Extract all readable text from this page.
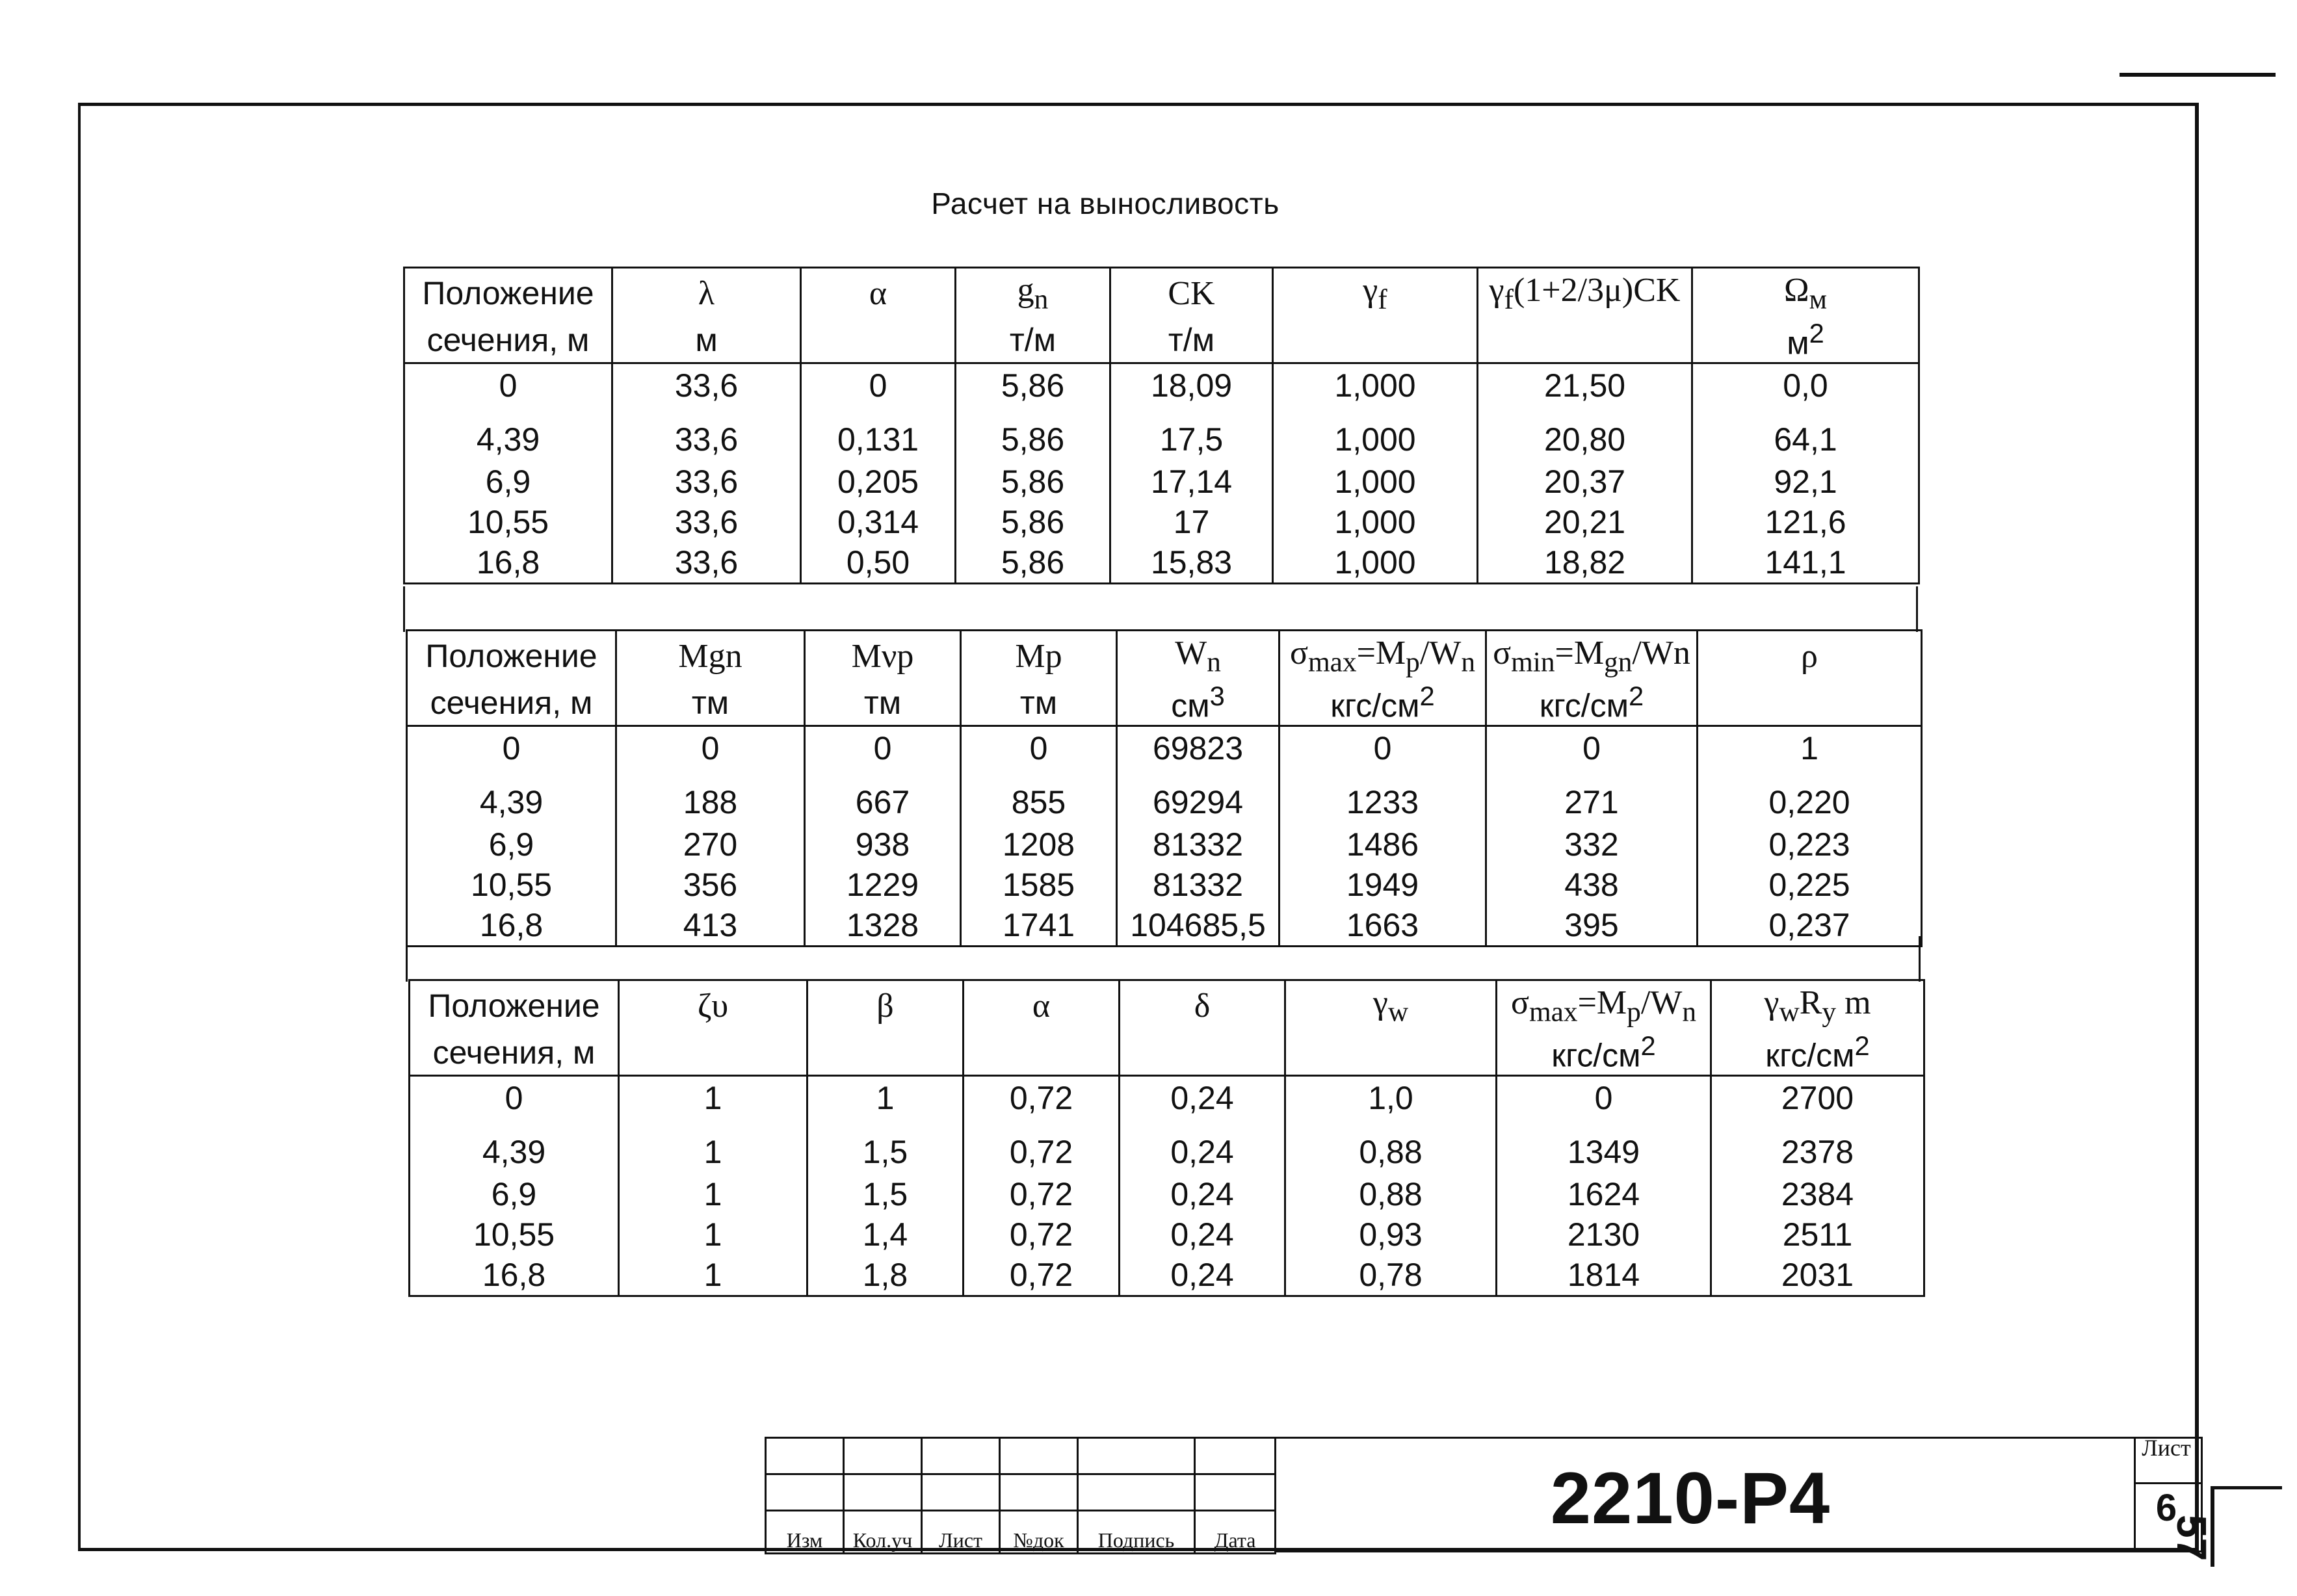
Расчет на выносливость
Положение	λ	α	$g_n$	CK	$\gamma_f$	$\gamma_f(1+2/3\mu)CK$	$\Omega_м$
сечения, м	м		т/м	т/м			$м^2$
0	33,6	0	5,86	18,09	1,000	21,50	0,0
4,39	33,6	0,131	5,86	17,5	1,000	20,80	64,1
6,9	33,6	0,205	5,86	17,14	1,000	20,37	92,1
10,55	33,6	0,314	5,86	17	1,000	20,21	121,6
16,8	33,6	0,50	5,86	15,83	1,000	18,82	141,1
Положение	Mgn	Mνp	Mp	$W_n$	$\sigma_{max}=M_p/W_n$	$\sigma_{min}=M_{gn}/Wn$	ρ
сечения, м	тм	тм	тм	$см^3$	кгс/$см^2$	кгс/$см^2$	
0	0	0	0	69823	0	0	1
4,39	188	667	855	69294	1233	271	0,220
6,9	270	938	1208	81332	1486	332	0,223
10,55	356	1229	1585	81332	1949	438	0,225
16,8	413	1328	1741	104685,5	1663	395	0,237
Положение	ζυ	β	α	δ	$\gamma_w$	$\sigma_{max}=M_p/W_n$	$\gamma_wR_y$ m
сечения, м						кгс/$см^2$	кгс/$см^2$
0	1	1	0,72	0,24	1,0	0	2700
4,39	1	1,5	0,72	0,24	0,88	1349	2378
6,9	1	1,5	0,72	0,24	0,88	1624	2384
10,55	1	1,4	0,72	0,24	0,93	2130	2511
16,8	1	1,8	0,72	0,24	0,78	1814	2031

Изм	Кол.уч	Лист	№док	Подпись	Дата
2210-Р4
Лист
6
57
